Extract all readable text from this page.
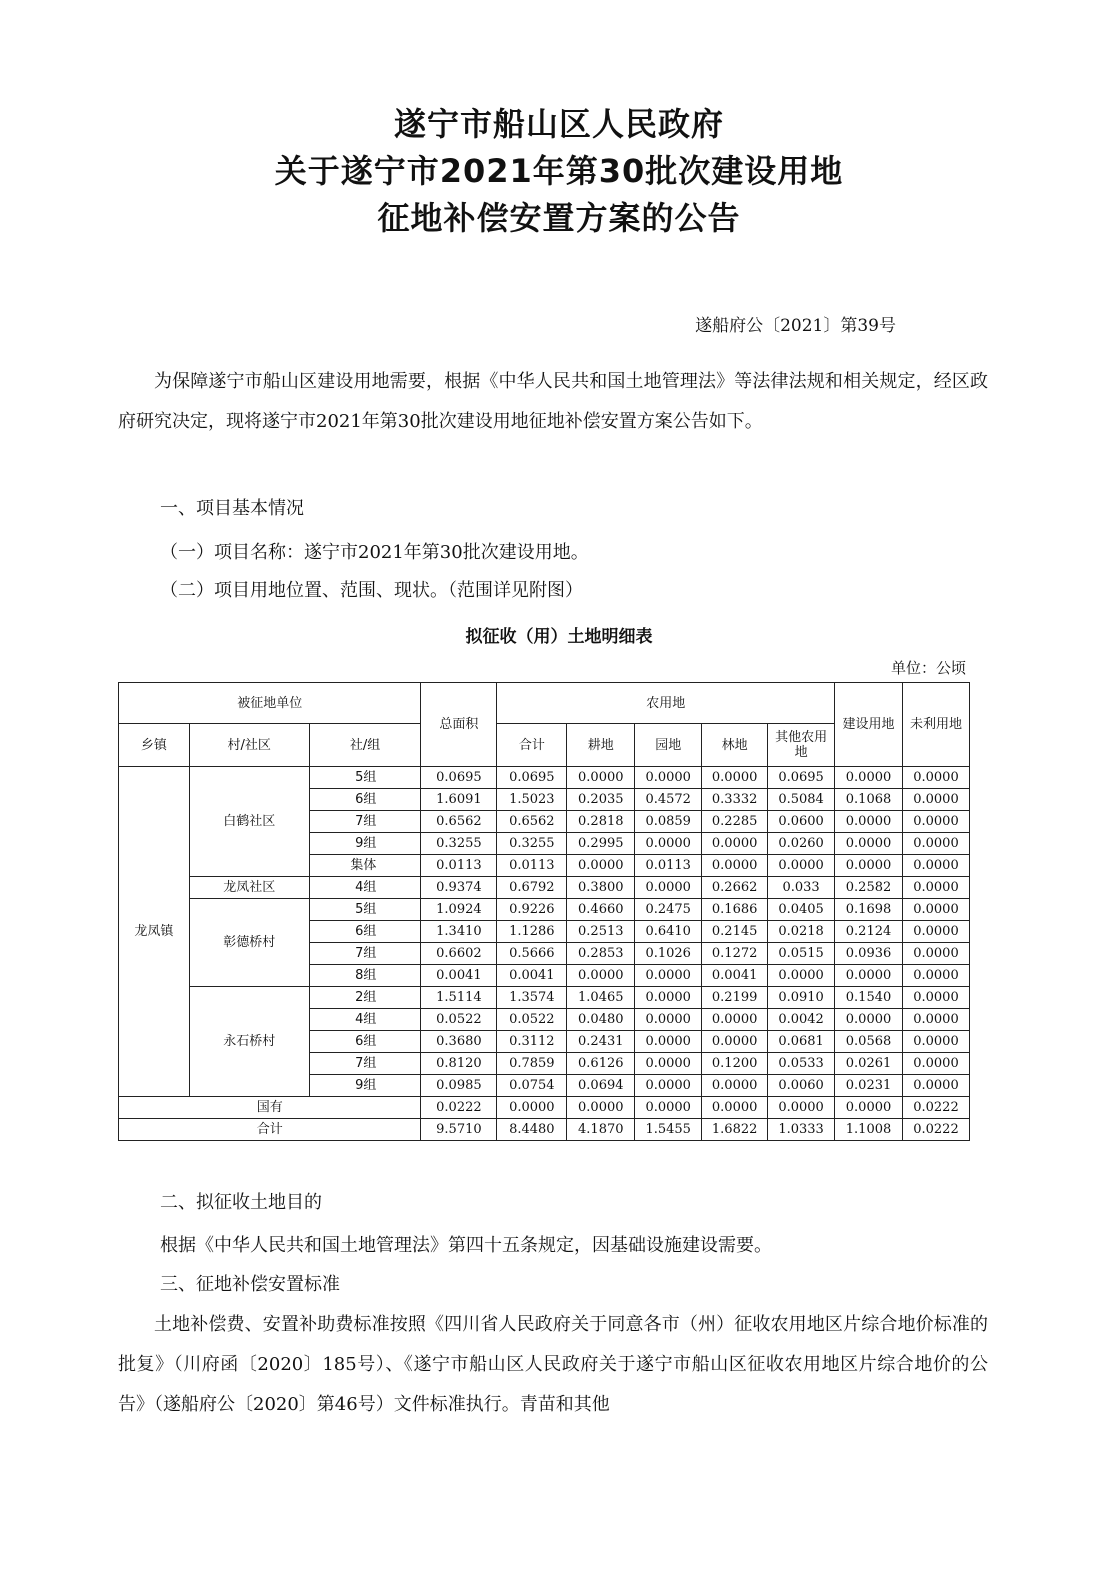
遂宁市船山区人民政府
关于遂宁市2021年第30批次建设用地
征地补偿安置方案的公告
遂船府公〔2021〕第39号
为保障遂宁市船山区建设用地需要，根据《中华人民共和国土地管理法》等法律法规和相关规定，经区政府研究决定，现将遂宁市2021年第30批次建设用地征地补偿安置方案公告如下。
一、项目基本情况
（一）项目名称：遂宁市2021年第30批次建设用地。
（二）项目用地位置、范围、现状。（范围详见附图）
拟征收（用）土地明细表
单位：公顷
被征地单位			总面积	农用地					建设用地	未利用地
乡镇	村/社区	社/组		合计	耕地	园地	林地	其他农用地		
龙凤镇	白鹤社区	5组	0.0695	0.0695	0.0000	0.0000	0.0000	0.0695	0.0000	0.0000
		6组	1.6091	1.5023	0.2035	0.4572	0.3332	0.5084	0.1068	0.0000
		7组	0.6562	0.6562	0.2818	0.0859	0.2285	0.0600	0.0000	0.0000
		9组	0.3255	0.3255	0.2995	0.0000	0.0000	0.0260	0.0000	0.0000
		集体	0.0113	0.0113	0.0000	0.0113	0.0000	0.0000	0.0000	0.0000
	龙凤社区	4组	0.9374	0.6792	0.3800	0.0000	0.2662	0.033	0.2582	0.0000
	彰德桥村	5组	1.0924	0.9226	0.4660	0.2475	0.1686	0.0405	0.1698	0.0000
		6组	1.3410	1.1286	0.2513	0.6410	0.2145	0.0218	0.2124	0.0000
		7组	0.6602	0.5666	0.2853	0.1026	0.1272	0.0515	0.0936	0.0000
		8组	0.0041	0.0041	0.0000	0.0000	0.0041	0.0000	0.0000	0.0000
	永石桥村	2组	1.5114	1.3574	1.0465	0.0000	0.2199	0.0910	0.1540	0.0000
		4组	0.0522	0.0522	0.0480	0.0000	0.0000	0.0042	0.0000	0.0000
		6组	0.3680	0.3112	0.2431	0.0000	0.0000	0.0681	0.0568	0.0000
		7组	0.8120	0.7859	0.6126	0.0000	0.1200	0.0533	0.0261	0.0000
		9组	0.0985	0.0754	0.0694	0.0000	0.0000	0.0060	0.0231	0.0000
国有			0.0222	0.0000	0.0000	0.0000	0.0000	0.0000	0.0000	0.0222
合计			9.5710	8.4480	4.1870	1.5455	1.6822	1.0333	1.1008	0.0222
二、拟征收土地目的
根据《中华人民共和国土地管理法》第四十五条规定，因基础设施建设需要。
三、征地补偿安置标准
土地补偿费、安置补助费标准按照《四川省人民政府关于同意各市（州）征收农用地区片综合地价标准的批复》（川府函〔2020〕185号）、《遂宁市船山区人民政府关于遂宁市船山区征收农用地区片综合地价的公告》（遂船府公〔2020〕第46号）文件标准执行。青苗和其他
